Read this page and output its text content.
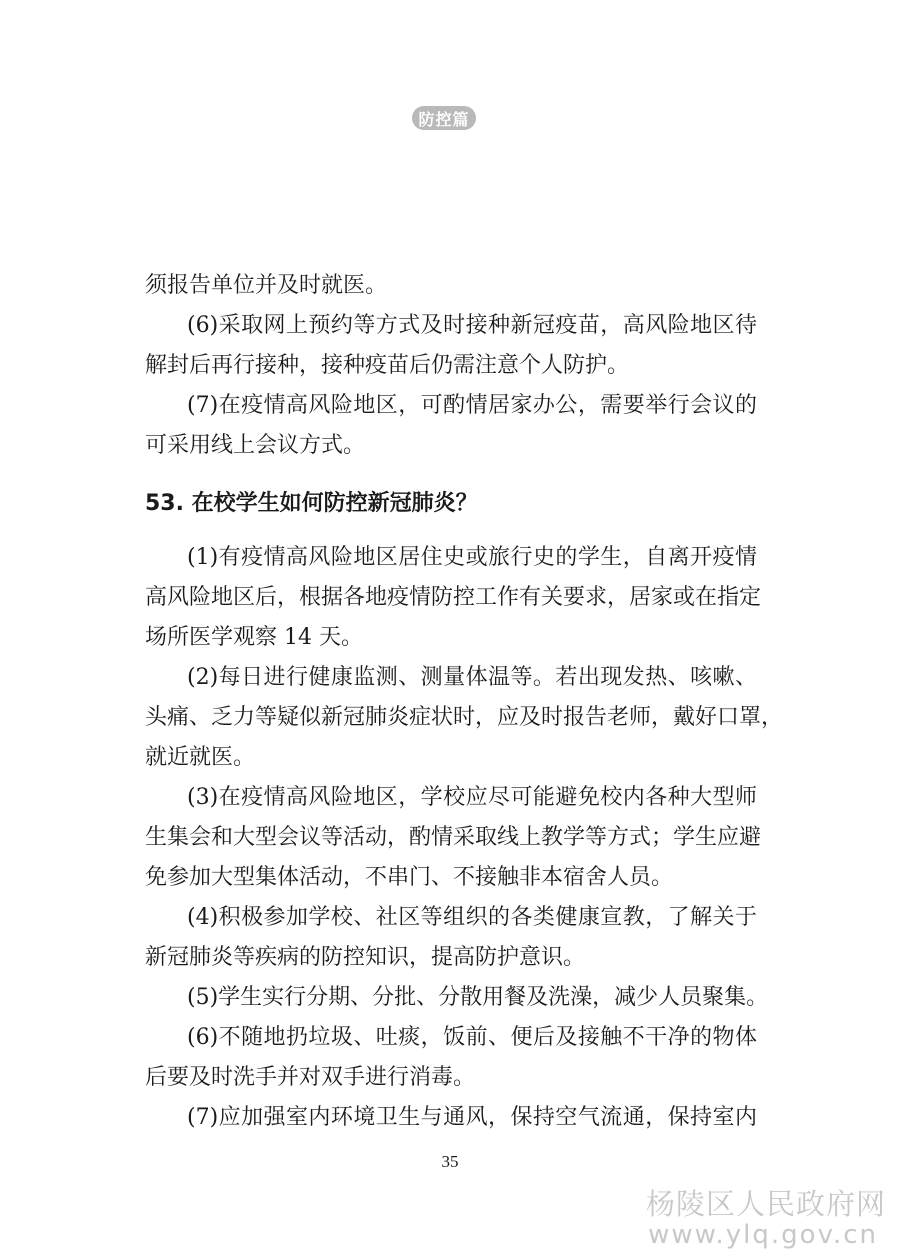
防控篇
须报告单位并及时就医。
(6)采取网上预约等方式及时接种新冠疫苗，高风险地区待
解封后再行接种，接种疫苗后仍需注意个人防护。
(7)在疫情高风险地区，可酌情居家办公，需要举行会议的
可采用线上会议方式。
53. 在校学生如何防控新冠肺炎？
(1)有疫情高风险地区居住史或旅行史的学生，自离开疫情
高风险地区后，根据各地疫情防控工作有关要求，居家或在指定
场所医学观察 14 天。
(2)每日进行健康监测、测量体温等。若出现发热、咳嗽、
头痛、乏力等疑似新冠肺炎症状时，应及时报告老师，戴好口罩，
就近就医。
(3)在疫情高风险地区，学校应尽可能避免校内各种大型师
生集会和大型会议等活动，酌情采取线上教学等方式；学生应避
免参加大型集体活动，不串门、不接触非本宿舍人员。
(4)积极参加学校、社区等组织的各类健康宣教，了解关于
新冠肺炎等疾病的防控知识，提高防护意识。
(5)学生实行分期、分批、分散用餐及洗澡，减少人员聚集。
(6)不随地扔垃圾、吐痰，饭前、便后及接触不干净的物体
后要及时洗手并对双手进行消毒。
(7)应加强室内环境卫生与通风，保持空气流通，保持室内
35
杨陵区人民政府网
www.ylq.gov.cn
